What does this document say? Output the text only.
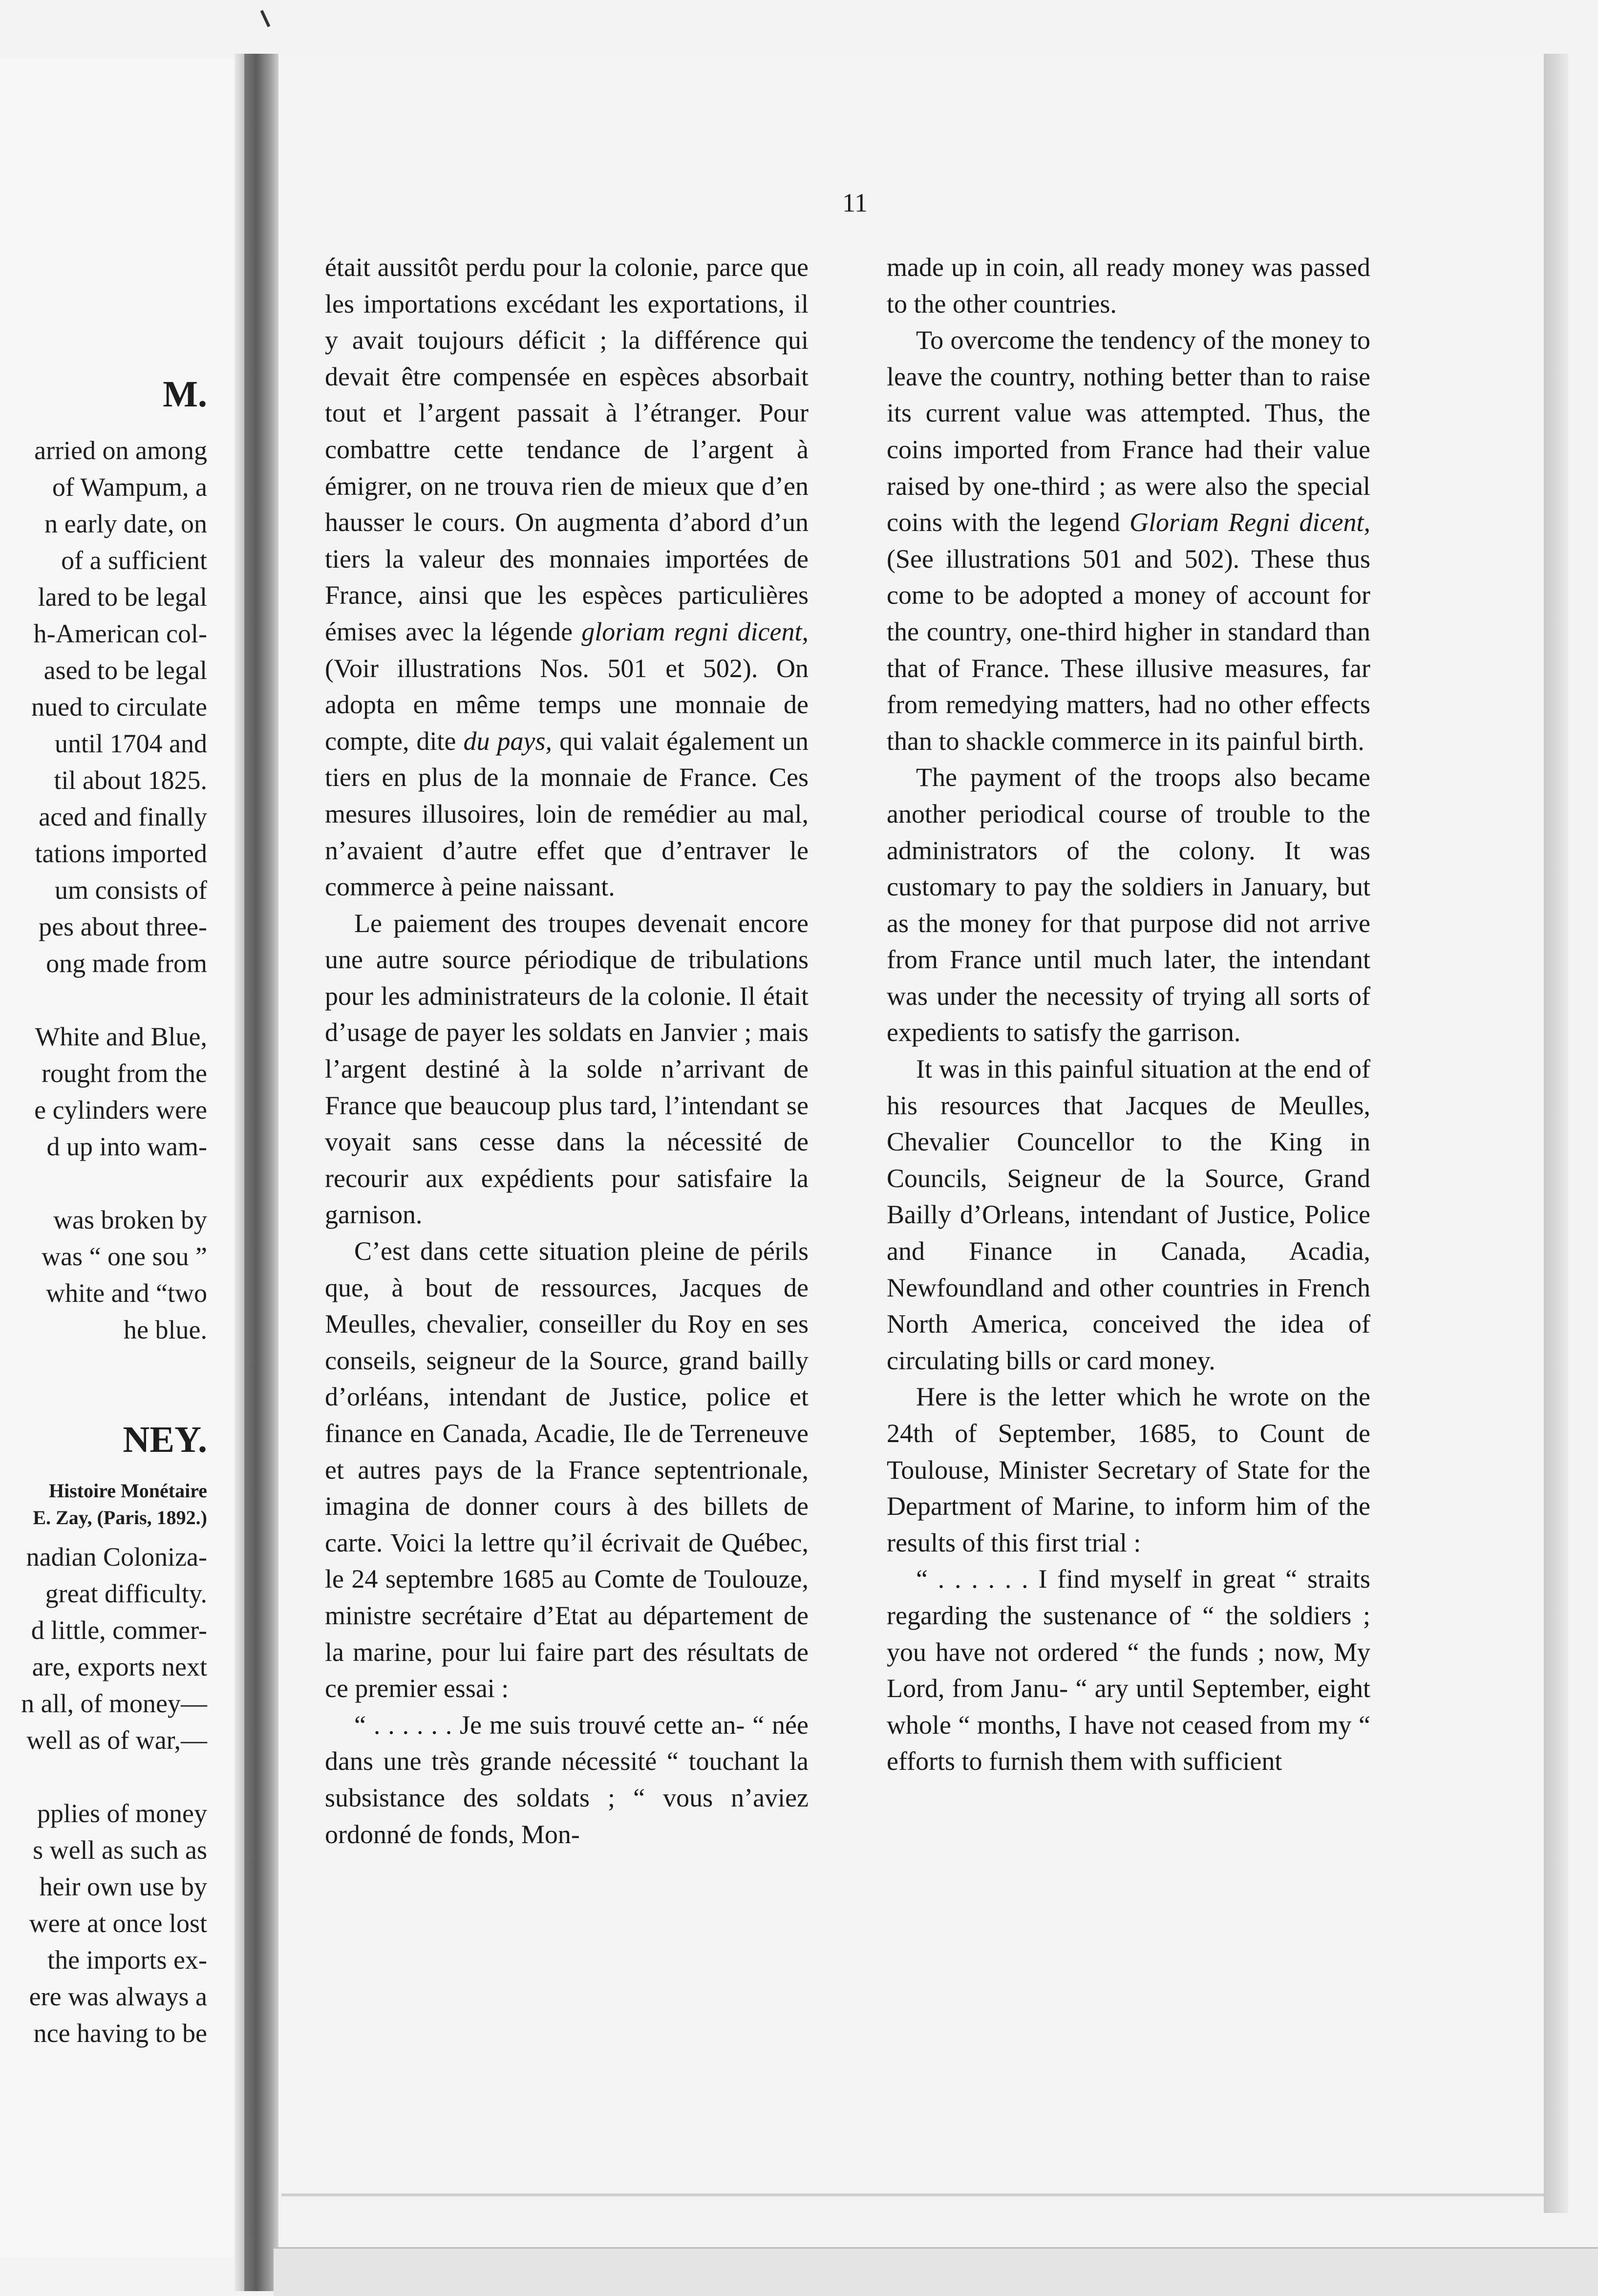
M.
arried on among
of Wampum, a
n early date, on
of a sufficient
lared to be legal
h-American col-
ased to be legal
nued to circulate
until 1704 and
til about 1825.
aced and finally
tations imported
um consists of
pes about three-
ong made from
White and Blue,
rought from the
e cylinders were
d up into wam-
was broken by
was “ one sou ”
white and “two
he blue.
NEY.
Histoire Monétaire
E. Zay, (Paris, 1892.)
nadian Coloniza-
great difficulty.
d little, commer-
are, exports next
n all, of money—
well as of war,—
pplies of money
s well as such as
heir own use by
were at once lost
the imports ex-
ere was always a
nce having to be
11

était aussitôt perdu pour la colonie, parce que les importations excédant les exportations, il y avait toujours déficit ; la différence qui devait être compensée en espèces absorbait tout et l’argent passait à l’étranger. Pour combattre cette tendance de l’argent à émigrer, on ne trouva rien de mieux que d’en hausser le cours. On augmenta d’abord d’un tiers la valeur des monnaies importées de France, ainsi que les espèces particulières émises avec la légende gloriam regni dicent, (Voir illustrations Nos. 501 et 502). On adopta en même temps une monnaie de compte, dite du pays, qui valait également un tiers en plus de la monnaie de France. Ces mesures illusoires, loin de remédier au mal, n’avaient d’autre effet que d’entraver le commerce à peine naissant.

Le paiement des troupes devenait encore une autre source périodique de tribulations pour les administrateurs de la colonie. Il était d’usage de payer les soldats en Janvier ; mais l’argent destiné à la solde n’arrivant de France que beaucoup plus tard, l’intendant se voyait sans cesse dans la nécessité de recourir aux expédients pour satisfaire la garnison.

C’est dans cette situation pleine de périls que, à bout de ressources, Jacques de Meulles, chevalier, conseiller du Roy en ses conseils, seigneur de la Source, grand bailly d’orléans, intendant de Justice, police et finance en Canada, Acadie, Ile de Terreneuve et autres pays de la France septentrionale, imagina de donner cours à des billets de carte. Voici la lettre qu’il écrivait de Québec, le 24 septembre 1685 au Comte de Toulouze, ministre secrétaire d’Etat au département de la marine, pour lui faire part des résultats de ce premier essai :

“ . . . . . . Je me suis trouvé cette an- “ née dans une très grande nécessité “ touchant la subsistance des soldats ; “ vous n’aviez ordonné de fonds, Mon-

made up in coin, all ready money was passed to the other countries.

To overcome the tendency of the money to leave the country, nothing better than to raise its current value was attempted. Thus, the coins imported from France had their value raised by one-third ; as were also the special coins with the legend Gloriam Regni dicent, (See illustrations 501 and 502). These thus come to be adopted a money of account for the country, one-third higher in standard than that of France. These illusive measures, far from remedying matters, had no other effects than to shackle commerce in its painful birth.

The payment of the troops also became another periodical course of trouble to the administrators of the colony. It was customary to pay the soldiers in January, but as the money for that purpose did not arrive from France until much later, the intendant was under the necessity of trying all sorts of expedients to satisfy the garrison.

It was in this painful situation at the end of his resources that Jacques de Meulles, Chevalier Councellor to the King in Councils, Seigneur de la Source, Grand Bailly d’Orleans, intendant of Justice, Police and Finance in Canada, Acadia, Newfoundland and other countries in French North America, conceived the idea of circulating bills or card money.

Here is the letter which he wrote on the 24th of September, 1685, to Count de Toulouse, Minister Secretary of State for the Department of Marine, to inform him of the results of this first trial :

“ . . . . . . I find myself in great “ straits regarding the sustenance of “ the soldiers ; you have not ordered “ the funds ; now, My Lord, from Janu- “ ary until September, eight whole “ months, I have not ceased from my “ efforts to furnish them with sufficient
